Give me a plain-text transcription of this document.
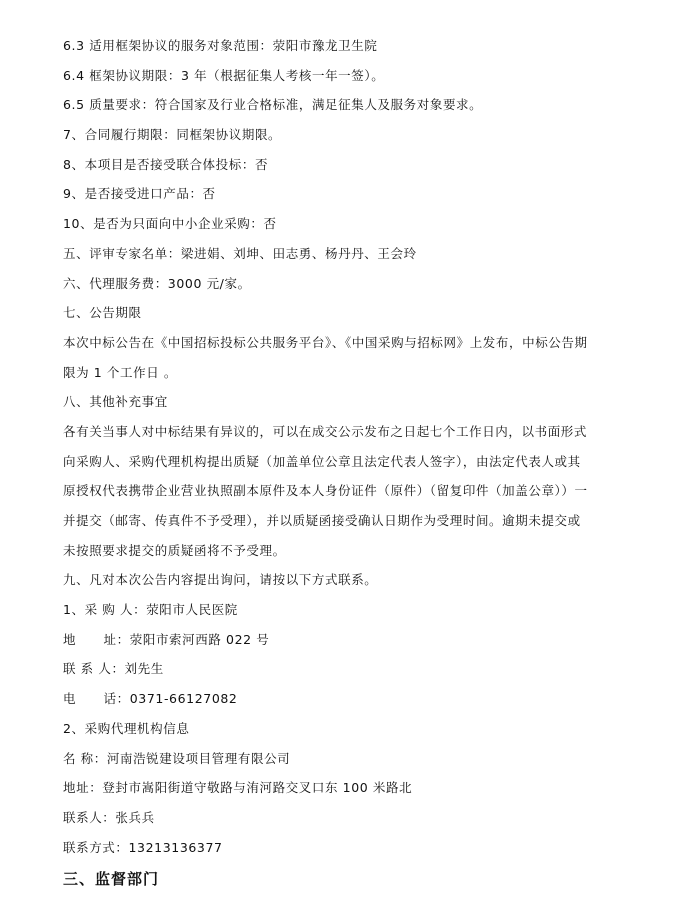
6.3 适用框架协议的服务对象范围：荥阳市豫龙卫生院
6.4 框架协议期限：3 年（根据征集人考核一年一签）。
6.5 质量要求：符合国家及行业合格标准，满足征集人及服务对象要求。
7、合同履行期限：同框架协议期限。
8、本项目是否接受联合体投标：否
9、是否接受进口产品：否
10、是否为只面向中小企业采购：否
五、评审专家名单：梁进娟、刘坤、田志勇、杨丹丹、王会玲
六、代理服务费：3000 元/家。
七、公告期限
本次中标公告在《中国招标投标公共服务平台》、《中国采购与招标网》上发布，中标公告期
限为 1 个工作日 。
八、其他补充事宜
各有关当事人对中标结果有异议的，可以在成交公示发布之日起七个工作日内，以书面形式
向采购人、采购代理机构提出质疑（加盖单位公章且法定代表人签字），由法定代表人或其
原授权代表携带企业营业执照副本原件及本人身份证件（原件）（留复印件（加盖公章））一
并提交（邮寄、传真件不予受理），并以质疑函接受确认日期作为受理时间。逾期未提交或
未按照要求提交的质疑函将不予受理。
九、凡对本次公告内容提出询问，请按以下方式联系。
1、采 购 人：荥阳市人民医院
地      址：荥阳市索河西路 022 号
联 系 人：刘先生
电      话：0371-66127082
2、采购代理机构信息
名 称：河南浩锐建设项目管理有限公司
地址：登封市嵩阳街道守敬路与洧河路交叉口东 100 米路北
联系人：张兵兵
联系方式：13213136377
三、监督部门
